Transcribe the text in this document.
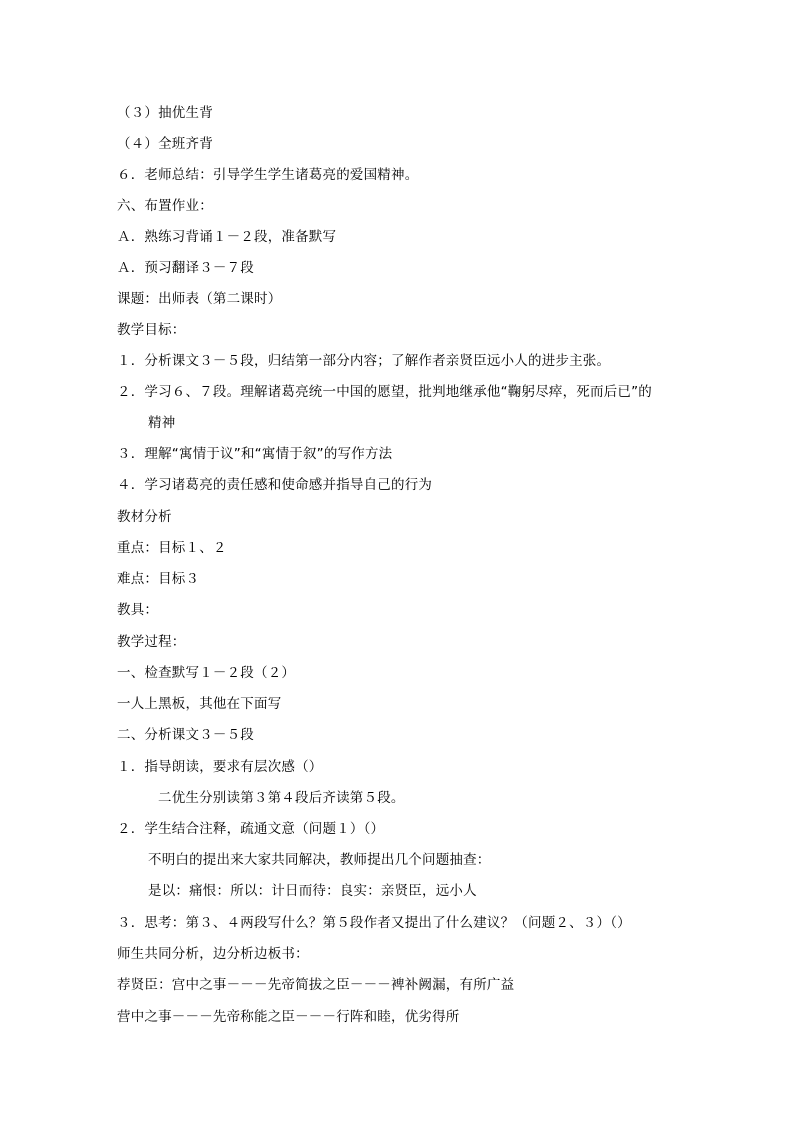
（３）抽优生背
（４）全班齐背
６．老师总结：引导学生学生诸葛亮的爱国精神。
六、布置作业：
Ａ．熟练习背诵１－２段，准备默写
Ａ．预习翻译３－７段
课题：出师表（第二课时）
教学目标：
１．分析课文３－５段，归结第一部分内容；了解作者亲贤臣远小人的进步主张。
２．学习６、７段。理解诸葛亮统一中国的愿望，批判地继承他“鞠躬尽瘁，死而后已”的
精神
３．理解“寓情于议”和“寓情于叙”的写作方法
４．学习诸葛亮的责任感和使命感并指导自己的行为
教材分析
重点：目标１、２
难点：目标３
教具：
教学过程：
一、检查默写１－２段（２）
一人上黑板，其他在下面写
二、分析课文３－５段
１．指导朗读，要求有层次感（）
二优生分别读第３第４段后齐读第５段。
２．学生结合注释，疏通文意（问题１）（）
不明白的提出来大家共同解决，教师提出几个问题抽查：
是以：痛恨：所以：计日而待：良实：亲贤臣，远小人
３．思考：第３、４两段写什么？第５段作者又提出了什么建议？（问题２、３）（）
师生共同分析，边分析边板书：
荐贤臣：宫中之事－－－先帝简拔之臣－－－裨补阙漏，有所广益
营中之事－－－先帝称能之臣－－－行阵和睦，优劣得所
